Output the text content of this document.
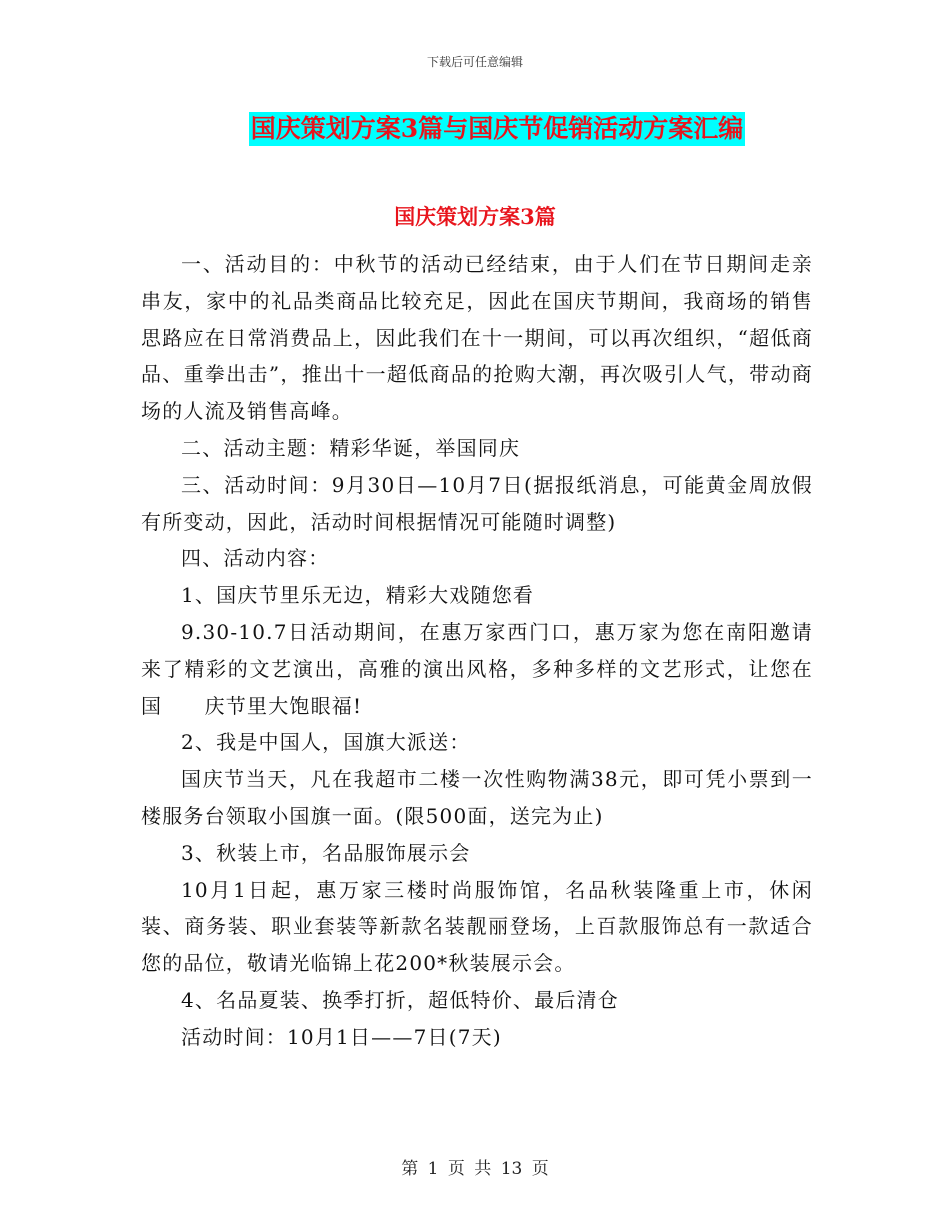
下载后可任意编辑
国庆策划方案3篇与国庆节促销活动方案汇编
国庆策划方案3篇

一、活动目的：中秋节的活动已经结束，由于人们在节日期间走亲串友，家中的礼品类商品比较充足，因此在国庆节期间，我商场的销售思路应在日常消费品上，因此我们在十一期间，可以再次组织，“超低商品、重拳出击”，推出十一超低商品的抢购大潮，再次吸引人气，带动商场的人流及销售高峰。

二、活动主题：精彩华诞，举国同庆

三、活动时间：9月30日—10月7日(据报纸消息，可能黄金周放假有所变动，因此，活动时间根据情况可能随时调整)

四、活动内容：

1、国庆节里乐无边，精彩大戏随您看

9.30-10.7日活动期间，在惠万家西门口，惠万家为您在南阳邀请来了精彩的文艺演出，高雅的演出风格，多种多样的文艺形式，让您在国　　庆节里大饱眼福!

2、我是中国人，国旗大派送：

国庆节当天，凡在我超市二楼一次性购物满38元，即可凭小票到一楼服务台领取小国旗一面。(限500面，送完为止)

3、秋装上市，名品服饰展示会

10月1日起，惠万家三楼时尚服饰馆，名品秋装隆重上市，休闲装、商务装、职业套装等新款名装靓丽登场，上百款服饰总有一款适合您的品位，敬请光临锦上花200*秋装展示会。

4、名品夏装、换季打折，超低特价、最后清仓

活动时间：10月1日——7日(7天)

第 1 页 共 13 页
